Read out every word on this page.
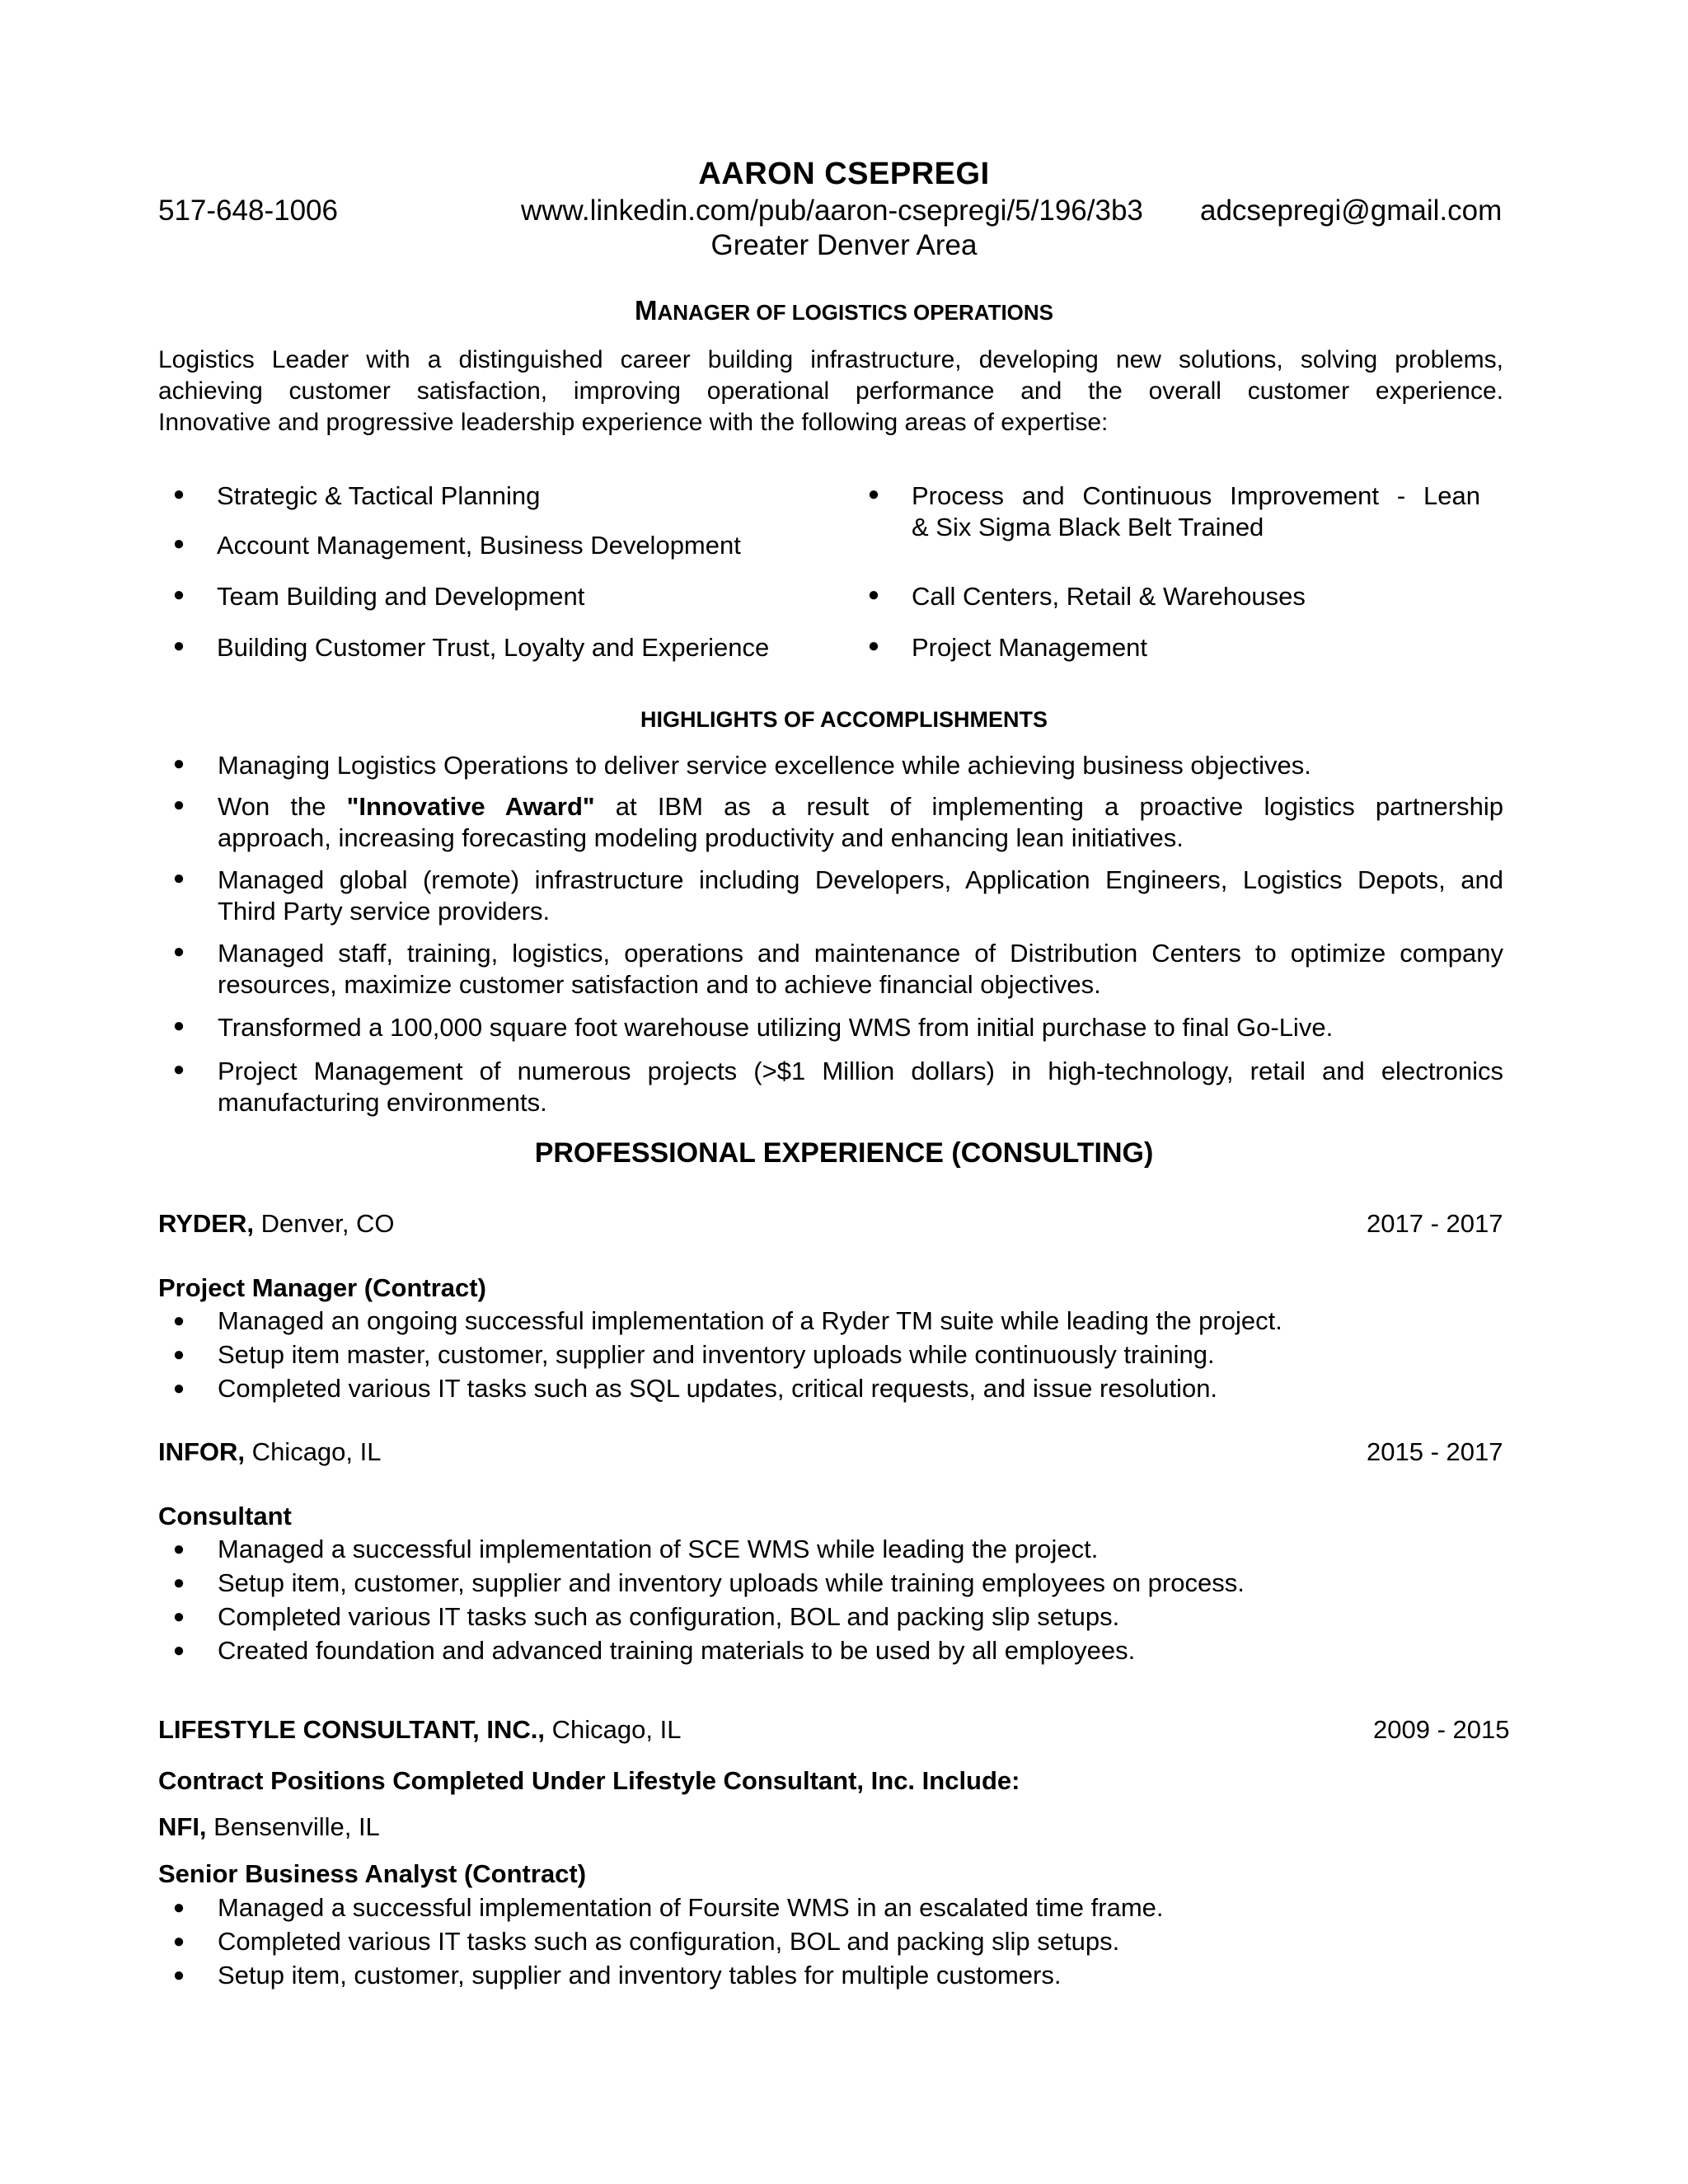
AARON CSEPREGI
517-648-1006	www.linkedin.com/pub/aaron-csepregi/5/196/3b3 adcsepregi@gmail.com
Greater Denver Area
MANAGER OF LOGISTICS OPERATIONS
Logistics Leader with a distinguished career building infrastructure, developing new solutions, solving problems,
achieving customer satisfaction, improving operational performance and the overall customer experience.
Innovative and progressive leadership experience with the following areas of expertise:
● Strategic & Tactical Planning
● Account Management, Business Development
● Team Building and Development
● Building Customer Trust, Loyalty and Experience
● Process and Continuous Improvement - Lean
& Six Sigma Black Belt Trained
● Call Centers, Retail & Warehouses
● Project Management
HIGHLIGHTS OF ACCOMPLISHMENTS
● Managing Logistics Operations to deliver service excellence while achieving business objectives.
● Won the "Innovative Award" at IBM as a result of implementing a proactive logistics partnership
approach, increasing forecasting modeling productivity and enhancing lean initiatives.
● Managed global (remote) infrastructure including Developers, Application Engineers, Logistics Depots, and
Third Party service providers.
● Managed staff, training, logistics, operations and maintenance of Distribution Centers to optimize company
resources, maximize customer satisfaction and to achieve financial objectives.
● Transformed a 100,000 square foot warehouse utilizing WMS from initial purchase to final Go-Live.
● Project Management of numerous projects (>$1 Million dollars) in high-technology, retail and electronics
manufacturing environments.
PROFESSIONAL EXPERIENCE (CONSULTING)
RYDER, Denver, CO	2017 - 2017
Project Manager (Contract)
● Managed an ongoing successful implementation of a Ryder TM suite while leading the project.
● Setup item master, customer, supplier and inventory uploads while continuously training.
● Completed various IT tasks such as SQL updates, critical requests, and issue resolution.
INFOR, Chicago, IL	2015 - 2017
Consultant
● Managed a successful implementation of SCE WMS while leading the project.
● Setup item, customer, supplier and inventory uploads while training employees on process.
● Completed various IT tasks such as configuration, BOL and packing slip setups.
● Created foundation and advanced training materials to be used by all employees.
LIFESTYLE CONSULTANT, INC., Chicago, IL	2009 - 2015
Contract Positions Completed Under Lifestyle Consultant, Inc. Include:
NFI, Bensenville, IL
Senior Business Analyst (Contract)
● Managed a successful implementation of Foursite WMS in an escalated time frame.
● Completed various IT tasks such as configuration, BOL and packing slip setups.
● Setup item, customer, supplier and inventory tables for multiple customers.
